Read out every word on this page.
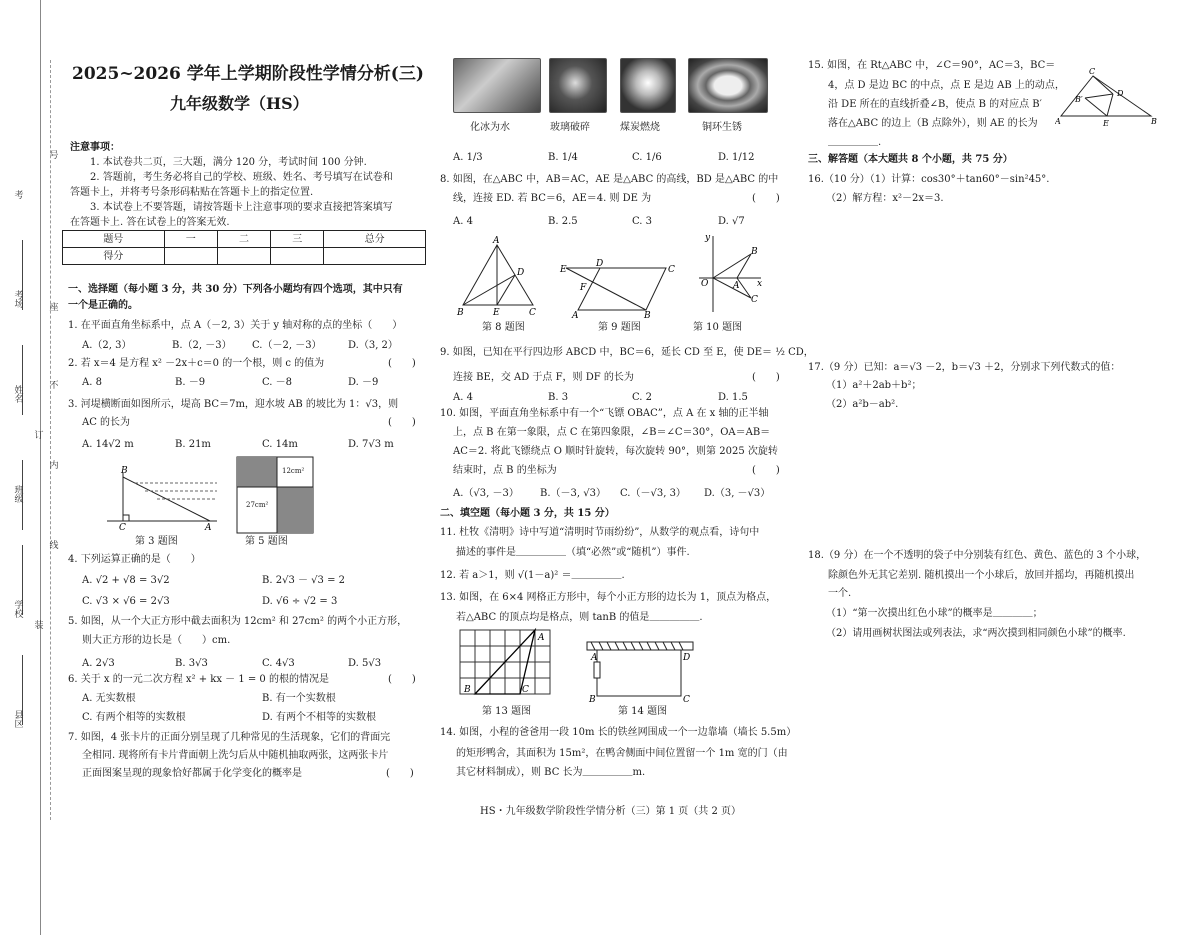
考
号
考场	座
不
姓名
订
内
班级
线
学校
装
县区
2025~2026 学年上学期阶段性学情分析(三)
九年级数学（HS）
注意事项：
1. 本试卷共二页，三大题，满分 120 分，考试时间 100 分钟.
2. 答题前，考生务必将自己的学校、班级、姓名、考号填写在试卷和
答题卡上，并将考号条形码粘贴在答题卡上的指定位置.
3. 本试卷上不要答题，请按答题卡上注意事项的要求直接把答案填写
在答题卡上. 答在试卷上的答案无效.
题号	一	二	三	总分
得分				
一、选择题（每小题 3 分，共 30 分）下列各小题均有四个选项，其中只有
一个是正确的。
1. 在平面直角坐标系中，点 A（－2, 3）关于 y 轴对称的点的坐标（　　）
A.（2, 3）	B.（2, －3） C.（－2, －3）	D.（3, 2）
2. 若 x＝4 是方程 x² －2x＋c＝0 的一个根，则 c 的值为	(　　)
A. 8	B. －9	C. －8	D. －9
3. 河堤横断面如图所示，堤高 BC＝7m，迎水坡 AB 的坡比为 1：√3，则
AC 的长为	(　　)
A. 14√2 m	B. 21m	C. 14m	D. 7√3 m
B
C	A
第 3 题图
12cm²
27cm²
第 5 题图
4. 下列运算正确的是（　　）
A. √2 + √8 = 3√2	B. 2√3 － √3 = 2
C. √3 × √6 = 2√3	D. √6 ÷ √2 = 3
5. 如图，从一个大正方形中截去面积为 12cm² 和 27cm² 的两个小正方形，
则大正方形的边长是（　　）cm.
A. 2√3	B. 3√3	C. 4√3	D. 5√3
6. 关于 x 的一元二次方程 x² + kx － 1 = 0 的根的情况是	(　　)
A. 无实数根	B. 有一个实数根
C. 有两个相等的实数根	D. 有两个不相等的实数根
7. 如图，4 张卡片的正面分别呈现了几种常见的生活现象，它们的背面完
全相同. 现将所有卡片背面朝上洗匀后从中随机抽取两张，这两张卡片
正面图案呈现的现象恰好都属于化学变化的概率是	(　　)
化冰为水	玻璃破碎	煤炭燃烧	铜环生锈
A. 1/3	B. 1/4	C. 1/6	D. 1/12
8. 如图，在△ABC 中，AB＝AC，AE 是△ABC 的高线，BD 是△ABC 的中
线，连接 ED. 若 BC＝6，AE＝4. 则 DE 为	(　　)
A. 4	B. 2.5	C. 3	D. √7
A
B	E	C
D
第 8 题图
E
D
C
A	B
F
第 9 题图
y
x
O	A
B
C
第 10 题图
9. 如图，已知在平行四边形 ABCD 中，BC＝6，延长 CD 至 E，使 DE＝ ½ CD，
连接 BE，交 AD 于点 F，则 DF 的长为	(　　)
A. 4	B. 3	C. 2	D. 1.5
10. 如图，平面直角坐标系中有一个“飞镖 OBAC”，点 A 在 x 轴的正半轴
上，点 B 在第一象限，点 C 在第四象限，∠B＝∠C＝30°，OA＝AB＝
AC＝2. 将此飞镖绕点 O 顺时针旋转，每次旋转 90°，则第 2025 次旋转
结束时，点 B 的坐标为	(　　)
A.（√3, －3） B.（－3, √3） C.（－√3, 3） D.（3, －√3）
二、填空题（每小题 3 分，共 15 分）
11. 杜牧《清明》诗中写道“清明时节雨纷纷”，从数学的观点看，诗句中
描述的事件是＿＿＿＿＿（填“必然”或“随机”）事件.
12. 若 a＞1，则 √(1－a)² ＝＿＿＿＿＿.
13. 如图，在 6×4 网格正方形中，每个小正方形的边长为 1，顶点为格点，
若△ABC 的顶点均是格点，则 tanB 的值是＿＿＿＿＿.
B
A
C
第 13 题图
A	D
B	C
第 14 题图
14. 如图，小程的爸爸用一段 10m 长的铁丝网围成一个一边靠墙（墙长 5.5m）
的矩形鸭舍，其面积为 15m²，在鸭舍侧面中间位置留一个 1m 宽的门（由
其它材料制成），则 BC 长为＿＿＿＿＿m.
HS・九年级数学阶段性学情分析（三）第 1 页（共 2 页）
15. 如图，在 Rt△ABC 中，∠C＝90°，AC＝3，BC＝
4，点 D 是边 BC 的中点，点 E 是边 AB 上的动点，
沿 DE 所在的直线折叠∠B，使点 B 的对应点 B′
落在△ABC 的边上（B 点除外），则 AE 的长为
＿＿＿＿＿.
C
A	B
D
E
B′
三、解答题（本大题共 8 个小题，共 75 分）
16.（10 分）（1）计算：cos30°＋tan60°－sin²45°.
（2）解方程：x²－2x＝3.
17.（9 分）已知：a＝√3 －2，b＝√3 ＋2，分别求下列代数式的值：
（1）a²＋2ab＋b²；
（2）a²b－ab².
18.（9 分）在一个不透明的袋子中分别装有红色、黄色、蓝色的 3 个小球，
除颜色外无其它差别. 随机摸出一个小球后，放回并摇均，再随机摸出
一个.
（1）“第一次摸出红色小球”的概率是＿＿＿＿；
（2）请用画树状图法或列表法，求“两次摸到相同颜色小球”的概率.
